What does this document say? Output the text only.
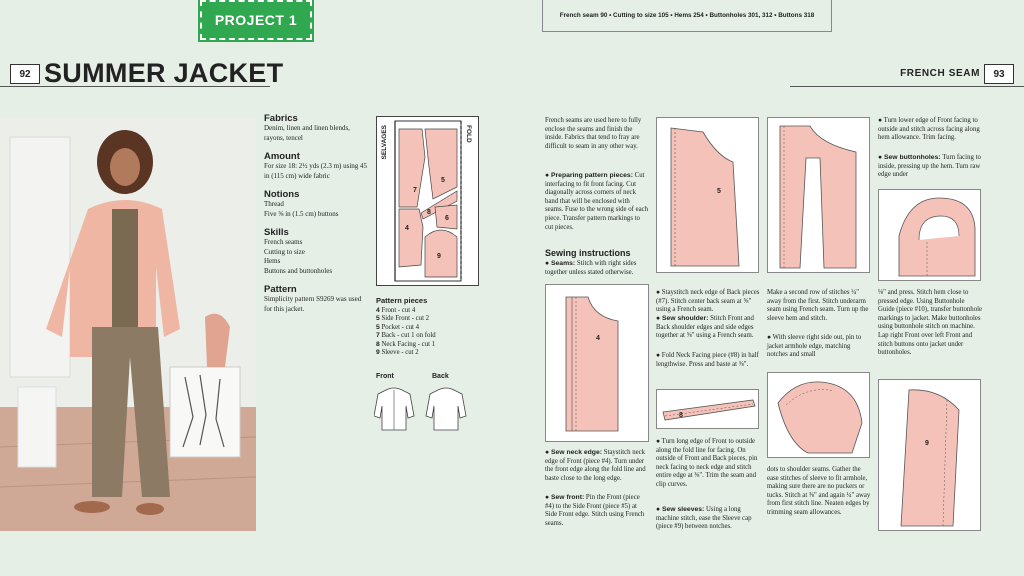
PROJECT 1	French seam 90 • Cutting to size 105 • Hems 254 • Buttonholes 301, 312 • Buttons 318
92 SUMMER JACKET	FRENCH SEAM	93
Fabrics
Denim, linen and linen blends, rayons, tencel
Amount
For size 18: 2½ yds (2.3 m) using 45 in (115 cm) wide fabric
Notions
Thread
Five ⅝ in (1.5 cm) buttons
Skills
French seams
Cutting to size
Hems
Buttons and buttonholes
Pattern
Simplicity pattern S9269 was used for this jacket.
SELVAGES	FOLD
7
5
8
6
4
9
Pattern pieces
4 Front - cut 4
5 Side Front - cut 2
5 Pocket - cut 4
7 Back - cut 1 on fold
8 Neck Facing - cut 1
9 Sleeve - cut 2
Front	Back
French seams are used here to fully enclose the seams and finish the inside. Fabrics that tend to fray are difficult to seam in any other way.
● Preparing pattern pieces: Cut interfacing to fit front facing. Cut diagonally across corners of neck band that will be enclosed with seams. Fuse to the wrong side of each piece. Transfer pattern markings to cut pieces.
Sewing instructions
● Seams: Stitch with right sides together unless stated otherwise.
4
● Sew neck edge: Staystitch neck edge of Front (piece #4). Turn under the front edge along the fold line and baste close to the long edge.
● Sew front: Pin the Front (piece #4) to the Side Front (piece #5) at Side Front edge. Stitch using French seams.
5
● Staystitch neck edge of Back pieces (#7). Stitch center back seam at ⅝" using a French seam.
● Sew shoulder: Stitch Front and Back shoulder edges and side edges together at ⅝" using a French seam.
● Fold Neck Facing piece (#8) in half lengthwise. Press and baste at ⅜".
8
● Turn long edge of Front to outside along the fold line for facing. On outside of Front and Back pieces, pin neck facing to neck edge and stitch entire edge at ⅜". Trim the seam and clip curves.
● Sew sleeves: Using a long machine stitch, ease the Sleeve cap (piece #9) between notches.
Make a second row of stitches ¼" away from the first. Stitch underarm seam using French seam. Turn up the sleeve hem and stitch.
● With sleeve right side out, pin to jacket armhole edge, matching notches and small
dots to shoulder seams. Gather the ease stitches of sleeve to fit armhole, making sure there are no puckers or tucks. Stitch at ⅜" and again ¼" away from first stitch line. Neaten edges by trimming seam allowances.
● Turn lower edge of Front facing to outside and stitch across facing along hem allowance. Trim facing.
● Sew buttonholes: Turn facing to inside, pressing up the hem. Turn raw edge under
⅛" and press. Stitch hem close to pressed edge. Using Buttonhole Guide (piece #10), transfer buttonhole markings to jacket. Make buttonholes using buttonhole stitch on machine. Lap right Front over left Front and stitch buttons onto jacket under buttonholes.
9
